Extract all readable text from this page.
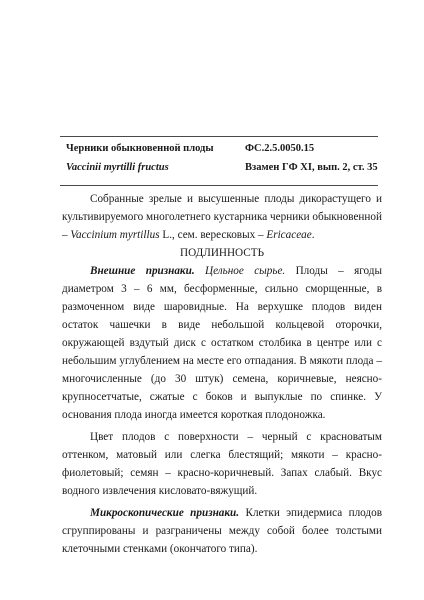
Черники обыкновенной плоды	ФС.2.5.0050.15
Vaccinii myrtilli fructus	Взамен ГФ XI, вып. 2, ст. 35

Собранные зрелые и высушенные плоды дикорастущего и культивируемого многолетнего кустарника черники обыкновенной – Vaccinium myrtillus L., сем. вересковых – Ericaceae.

ПОДЛИННОСТЬ

Внешние признаки. Цельное сырье. Плоды – ягоды диаметром 3 – 6 мм, бесформенные, сильно сморщенные, в размоченном виде шаровидные. На верхушке плодов виден остаток чашечки в виде небольшой кольцевой оторочки, окружающей вздутый диск с остатком столбика в центре или с небольшим углублением на месте его отпадания. В мякоти плода – многочисленные (до 30 штук) семена, коричневые, неясно-крупносетчатые, сжатые с боков и выпуклые по спинке. У основания плода иногда имеется короткая плодоножка.

Цвет плодов с поверхности – черный с красноватым оттенком, матовый или слегка блестящий; мякоти – красно-фиолетовый; семян – красно-коричневый. Запах слабый. Вкус водного извлечения кисловато-вяжущий.

Микроскопические признаки. Клетки эпидермиса плодов сгруппированы и разграничены между собой более толстыми клеточными стенками (окончатого типа).
